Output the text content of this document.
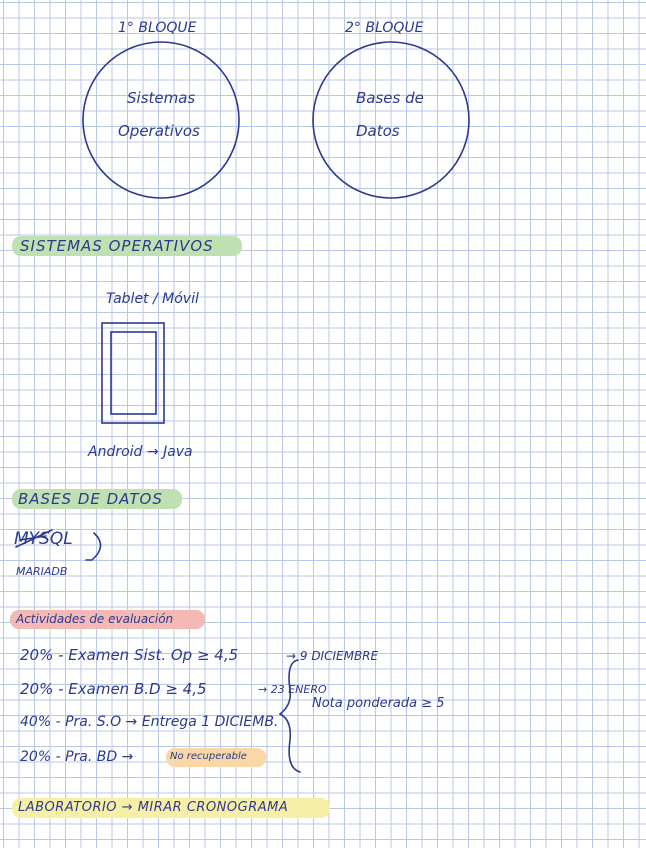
1° BLOQUE	2° BLOQUE
Sistemas
Operativos
Bases de
Datos
SISTEMAS OPERATIVOS
Tablet / Móvil
Android → Java
BASES DE DATOS
MYSQL
MARIADB
Actividades de evaluación
20% - Examen Sist. Op ≥ 4,5	→ 9 DICIEMBRE
20% - Examen B.D ≥ 4,5	→ 23 ENERO
Nota ponderada ≥ 5
40% - Pra. S.O → Entrega 1 DICIEMB.
20% - Pra. BD →	No recuperable
LABORATORIO → MIRAR CRONOGRAMA
